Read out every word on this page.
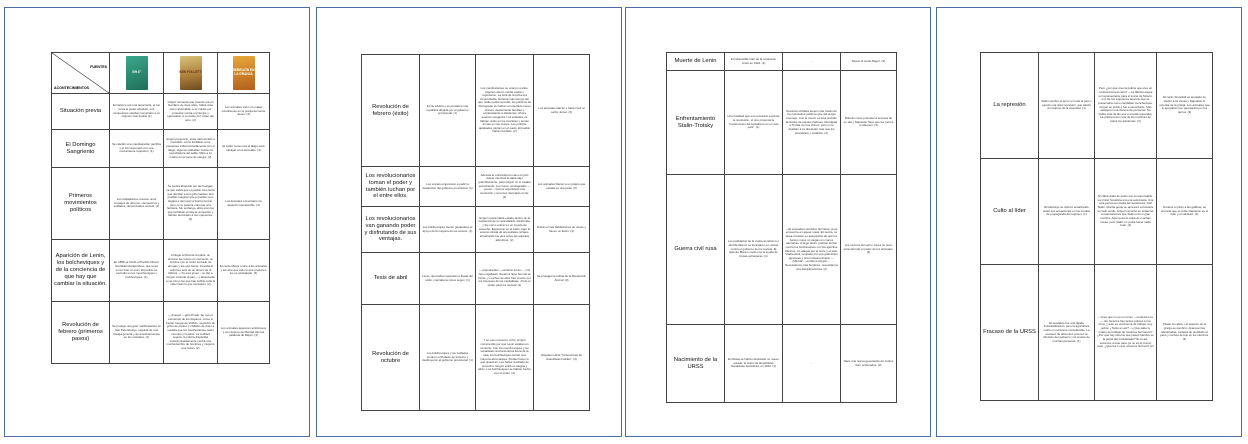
FUENTES
ACONTECIMIENTOS	GH 4°	KEN FOLLETT	REBELIÓN EN LA GRANJA

Situación previa	El zarismo era una autocracia, el zar tenía el poder absoluto. Los campesinos estaban sometidos a un régimen casi feudal. (1)	Grigori recuerda que cuando era un huérfano de doce años, había visto cómo ahorcaban a su madre por protestar contra el príncipe y ejecutaban a su padre por orden del amo. (2)	Los animales viven en malas condiciones en la granja del señor Jones. (3)
El Domingo Sangriento	Se celebró una manifestación pacífica y el zar respondió con una contundente represión. (1)	Grigori presenció, entre aterrorizado e incrédulo, cómo fusilaban a los presentes indiscriminadamente con el látigo; algunos utilizaban incluso la empuñadura del sable. Mirió a su madre en la nieve de sangre. (2)	El señor Jones usa el látigo para castigar a los animales. (3)
Primeros movimientos políticos	Los trabajadores crearon unos consejos de obreros, campesinos y soldados, denominados soviets. (1)	Se sentía atrapado por las huelgas, ya que sabía que el pueblo ruso tenía que derribar a sus gobernantes. Era posible imaginar que el pueblo ruso llegara a derrocar la tiranía del zar, pero no le parecía más que una fantasía. Sin embargo, ellos eran los que luchaban contra la revolución y habían derrocado a sus opresores. (2)	Los animales encontraron la situación insostenible. (3)
Aparición de Lenin, los bolcheviques y de la conciencia de que hay que cambiar la situación.	En 1898 se fundó el Partido Obrero Socialdemócrata Ruso, que tenía como líder a Lenin. El partido se escindió en los mencheviques y bolcheviques. (1)	Al llegar al final de la plaza, un anciano les retuvo un momento, un hombre con el rostro surcado de arrugas y los ojos fieros. Llevaba el uniforme azul de un obrero de la fábrica. —Tu eres joven —le dijo a Grigori mirando al pan— y alcanzarás a ver cómo los que han sufrido toda la vida crean lo que necesitan. (2)	El cerdo Mayor reúne a los animales y les dice que todo lo que producen les es arrebatado. (3)
Revolución de febrero (primeros pasos)	Se produjo una gran manifestación en San Petersburgo, seguida de una huelga general y de amotinamientos en los cuarteles. (1)	—¡Fuego! —gritó Pinski. Se oyó el estruendo de los disparos, como si fueran fuegos de artificio, seguidos de gritos de pánico y chillidos de dolor a medida que los manifestantes caían muertos y heridos. La multitud segura, la policía disparaba indiscriminadamente contra una muchedumbre de hombres y mujeres que huían. (2)	Los animales aparecen ambiciosos y con deseos de libertad tras las palabras de Mayor. (3)
Revolución de febrero (éxito)	El zar abdicó y se proclamó una república dirigida por el gobierno provisional. (1)	Los manifestantes se unieron a ellos. Algunos dieron media vuelta y regresaron. La furia de la turba era incontrolable. Durante más tiempo del que nadie podía recordar, los políticos de Petrogrado se habían comportado como tiranos, destrozando familias y encarcelando a disidentes. Ahora querían venganza. Los soldados se habían unido en los cuarteles y tenían armas en sus manos. Los policías apaleados yacían en el suelo. El pueblo había triunfado. (2)	Los animales atacan y hacen huir al señor Jones. (3)
Los revolucionarios toman el poder y también luchan por el entre ellos.	Los soviets empezaron a pedir la destitución del gobierno provisional. (1)	Además le entrevista la mano el gran duque mientras le daba algo grandilocuente, para Grigori no lo estaba escuchando. Los rusos, consagrados —pensó— hemos organizado una revolución y tenemos derrotado al zar. (2)	Los animales liberan a un pájaro que estaba en una jaula. (3)
Los revolucionarios van ganando poder y disfrutando de sus ventajas.	Los bolcheviques fueron ganándose el apoyo de la mayoría de los soviets. (1)	Grigori nunca había estado dentro de la residencia de un acaudalado aristócrata, y fue como entrar en un mundo de ensueño. Esperaron en el salón, bajo la serena mirada de ancestrales retratos, arrastrando los pies sobre las espesas alfombras. (2)	Entran en las habitaciones de Jones y hacen un festín. (3)
Tesis de abril	Lenin, que había regresado a Rusia del exilio, marcaba la ruta a seguir. (1)	—¡Camaradas! —exclamó Lenin—. ¡Os han engañado! Vuestros hijos han ido al frente, y muchos de ellos han muerto por los intereses de los capitalistas. ¡Todo el poder para los soviets! (2)	Se propaga la noticia de la Revolución Animal. (3)
Revolución de octubre	Los bolcheviques y los soldados tomaron el Palacio de Invierno y destituyeron al gobierno provisional. (1)	Y en ese momento, al fin, Grigori comprendió por qué Lenin estaba tan contento. Con los mencheviques y los socialistas revolucionarios fuera de la sala, los bolcheviques tenían una mayoría abrumadora. Podían hacer lo que quisieran. Les había resultado de provecho. Grigori sintió su alegría y alivio. Los bolcheviques se habían hecho con el poder. (2)	Napoleón dicta "Ordenanzas de Asambleas Inútiles". (3)
Muerte de Lenin	El indiscutible líder de la revolución murió en 1924. (1)	-	Muere el cerdo Mayor. (3)
Enfrentamiento Stalin-Trotsky	Una rivalidad que era necesario exportar la revolución, el otro proponía la "construcción del socialismo en un solo país". (1)	Nuestros oficiales tienen más miedo de los comisarios políticos que del propio enemigo. Con la menor excusa podrían lanzarlos de espías traidores. Disculpad a Trotski con los chinos, pero no le dejaban a su alrededor más que los arrestados y matados. (2)	Bola de nieve promete la semana de un día y Napoleón hace que los perros lo ataquen. (3)
Guerra civil rusa	Los partidarios de la vuelta al zarismo o del liberalismo se levantaron en armas contra el gobierno de los soviets. El Ejército Blanco contó con la ayuda de tropas extranjeras. (1)	—El escuadrón tentativo del Norte ya se encuentra en aguas rusas. En teoría, su tarea consiste en asegurarse de que los barcos rusos no caigan en manos alemanas. A largo plazo, podrían luchar contra los bolcheviques con los ejércitos blancos. Un ataque por el norte y el este, Vladivostok, ocupado por una guarnición japonesa y otra norteamericana. —¡Mierda! —exclamó Grigori—. Necesitamos más hombres, necesitamos una disciplina férrea. (2)	Los vecinos del señor Jones se unen para derrotar el poder de los animales. (3)
Nacimiento de la URSS	En Rusia se había constituido un nuevo estado, la Unión de Repúblicas Socialistas Soviéticas, en 1922. (1)	-	Nace una nueva generación de cerdos bien entrenados. (3)
La represión	Stalin sembró el terror en todo el país y ejerció una dura represión, que afectó al conjunto de la sociedad. (1)	Pero ¿por qué cree la policía que eres un contrarrevolucionario? —La fábrica elegía un representante para el soviet de Moscú, uno de los ingenieros anunció que se presentaría como candidato menchevique. Grigori se enfrió y fue a escucharlo. Solo asistieron una docena de personas. No había más de las que el comité esperaba. La policía tomó nota de los nombres de todos los asistentes. (2)	El cerdo Snowball es acusado de traidor a su causa y Napoleón lo expulsa de la granja. Los animales que lo apoyaban son ejecutados por los perros. (3)
Culto al líder	El liderazgo se reforzó ensalzando todas sus actuaciones en los medios de propaganda del régimen. (1)	Ni cabía duda de quién era el responsable. La Unión Soviética era una autocracia. Una sola persona tomaba las decisiones: Iósif Stalin. Mucha gente se apresuró a buscarle un lado verde. Grigori escuchó en todas las conversaciones que Stalin era un gran hombre. Aquí tenía la culpa de muchas cosas, pero Stalin no podía hacer nada malo. (2)	Durante el juicio a las gallinas, se anuncia que el cerdo Napoleón es el líder y el salvador. (3)
Fracaso de la URSS	El resultado fue una rápida industrialización, pero la agricultura sufrió un retroceso considerable. La escasez de alimentos provocó la dimisión del gobierno y la muerte de muchas personas. (1)	—Creo que no es un rumor —contestó Lev—. En América hay tantos pobres como ricos, y esto es una fuerza de trabajo muy pobre. ¿Tanto es así? —¿Qué sabe tu madre del trabajo de nuestros hermanos? ¿Por qué hay obreros que pasan hambre en la patria del proletariado? Si es así, entonces a este paso ya no es el mismo país. ¿Qué fue lo que nosotros hicimos? (2)	Pasan los años y el aspecto de la granja es sombrío. Aparecen las alambradas, carteles de prohibido el paso y coches de lujo en los caminos. (3)
